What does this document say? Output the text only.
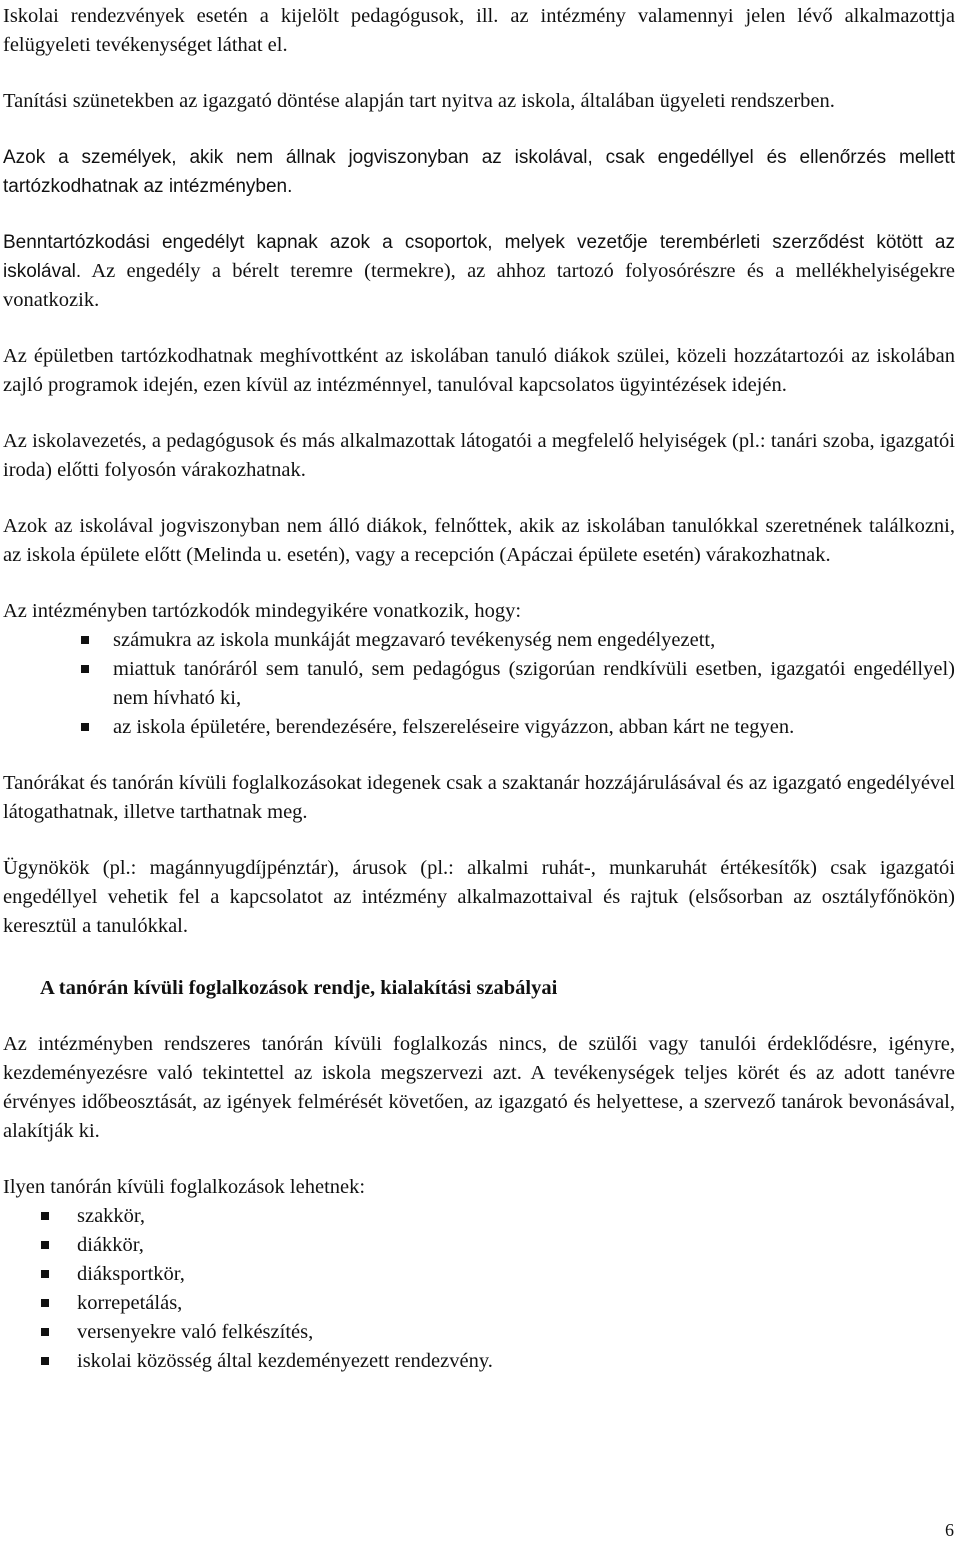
Iskolai rendezvények esetén a kijelölt pedagógusok, ill. az intézmény valamennyi jelen lévő alkalmazottja felügyeleti tevékenységet láthat el.

Tanítási szünetekben az igazgató döntése alapján tart nyitva az iskola, általában ügyeleti rendszerben.

Azok a személyek, akik nem állnak jogviszonyban az iskolával, csak engedéllyel és ellenőrzés mellett tartózkodhatnak az intézményben.

Benntartózkodási engedélyt kapnak azok a csoportok, melyek vezetője terembérleti szerződést kötött az iskolával. Az engedély a bérelt teremre (termekre), az ahhoz tartozó folyosórészre és a mellékhelyiségekre vonatkozik.

Az épületben tartózkodhatnak meghívottként az iskolában tanuló diákok szülei, közeli hozzátartozói az iskolában zajló programok idején, ezen kívül az intézménnyel, tanulóval kapcsolatos ügyintézések idején.

Az iskolavezetés, a pedagógusok és más alkalmazottak látogatói a megfelelő helyiségek (pl.: tanári szoba, igazgatói iroda) előtti folyosón várakozhatnak.

Azok az iskolával jogviszonyban nem álló diákok, felnőttek, akik az iskolában tanulókkal szeretnének találkozni, az iskola épülete előtt (Melinda u. esetén), vagy a recepción (Apáczai épülete esetén) várakozhatnak.

Az intézményben tartózkodók mindegyikére vonatkozik, hogy:

számukra az iskola munkáját megzavaró tevékenység nem engedélyezett,
miattuk tanóráról sem tanuló, sem pedagógus (szigorúan rendkívüli esetben, igazgatói engedéllyel) nem hívható ki,
az iskola épületére, berendezésére, felszereléseire vigyázzon, abban kárt ne tegyen.

Tanórákat és tanórán kívüli foglalkozásokat idegenek csak a szaktanár hozzájárulásával és az igazgató engedélyével látogathatnak, illetve tarthatnak meg.

Ügynökök (pl.: magánnyugdíjpénztár), árusok (pl.: alkalmi ruhát-, munkaruhát értékesítők) csak igazgatói engedéllyel vehetik fel a kapcsolatot az intézmény alkalmazottaival és rajtuk (elsősorban az osztályfőnökön) keresztül a tanulókkal.

A tanórán kívüli foglalkozások rendje, kialakítási szabályai

Az intézményben rendszeres tanórán kívüli foglalkozás nincs, de szülői vagy tanulói érdeklődésre, igényre, kezdeményezésre való tekintettel az iskola megszervezi azt. A tevékenységek teljes körét és az adott tanévre érvényes időbeosztását, az igények felmérését követően, az igazgató és helyettese, a szervező tanárok bevonásával, alakítják ki.

Ilyen tanórán kívüli foglalkozások lehetnek:

szakkör,
diákkör,
diáksportkör,
korrepetálás,
versenyekre való felkészítés,
iskolai közösség által kezdeményezett rendezvény.
6
